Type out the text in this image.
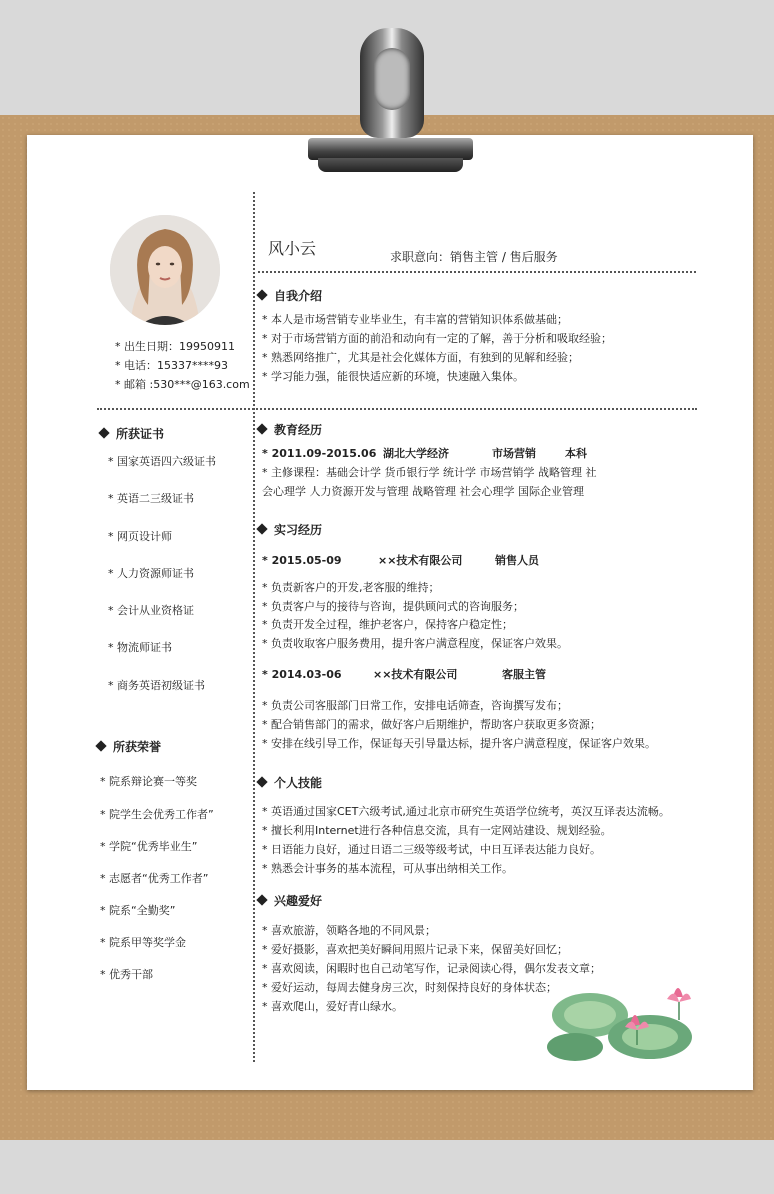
* 出生日期：19950911
* 电话：15337****93
* 邮箱 :530***@163.com
风小云	求职意向：销售主管 / 售后服务
所获证书
* 国家英语四六级证书
* 英语二三级证书
* 网页设计师
* 人力资源师证书
* 会计从业资格证
* 物流师证书
* 商务英语初级证书
所获荣誉
* 院系辩论赛一等奖
* 院学生会优秀工作者”
* 学院“优秀毕业生”
* 志愿者“优秀工作者”
* 院系“全勤奖”
* 院系甲等奖学金
* 优秀干部
自我介绍
* 本人是市场营销专业毕业生，有丰富的营销知识体系做基础；
* 对于市场营销方面的前沿和动向有一定的了解，善于分析和吸取经验；
* 熟悉网络推广，尤其是社会化媒体方面，有独到的见解和经验；
* 学习能力强，能很快适应新的环境，快速融入集体。
教育经历
* 2011.09-2015.06 湖北大学经济	市场营销	本科
* 主修课程：基础会计学 货币银行学 统计学 市场营销学 战略管理 社
会心理学 人力资源开发与管理 战略管理 社会心理学 国际企业管理
实习经历
* 2015.05-09	××技术有限公司	销售人员
* 负责新客户的开发,老客服的维持；
* 负责客户与的接待与咨询，提供顾问式的咨询服务；
* 负责开发全过程，维护老客户，保持客户稳定性；
* 负责收取客户服务费用，提升客户满意程度，保证客户效果。
* 2014.03-06	××技术有限公司	客服主管
* 负责公司客服部门日常工作，安排电话筛查，咨询撰写发布；
* 配合销售部门的需求，做好客户后期维护，帮助客户获取更多资源；
* 安排在线引导工作，保证每天引导量达标，提升客户满意程度，保证客户效果。
个人技能
* 英语通过国家CET六级考试,通过北京市研究生英语学位统考，英汉互译表达流畅。
* 擅长利用Internet进行各种信息交流，具有一定网站建设、规划经验。
* 日语能力良好，通过日语二三级等级考试，中日互译表达能力良好。
* 熟悉会计事务的基本流程，可从事出纳相关工作。
兴趣爱好
* 喜欢旅游，领略各地的不同风景；
* 爱好摄影，喜欢把美好瞬间用照片记录下来，保留美好回忆；
* 喜欢阅读，闲暇时也自己动笔写作，记录阅读心得，偶尔发表文章；
* 爱好运动，每周去健身房三次，时刻保持良好的身体状态；
* 喜欢爬山，爱好青山绿水。
